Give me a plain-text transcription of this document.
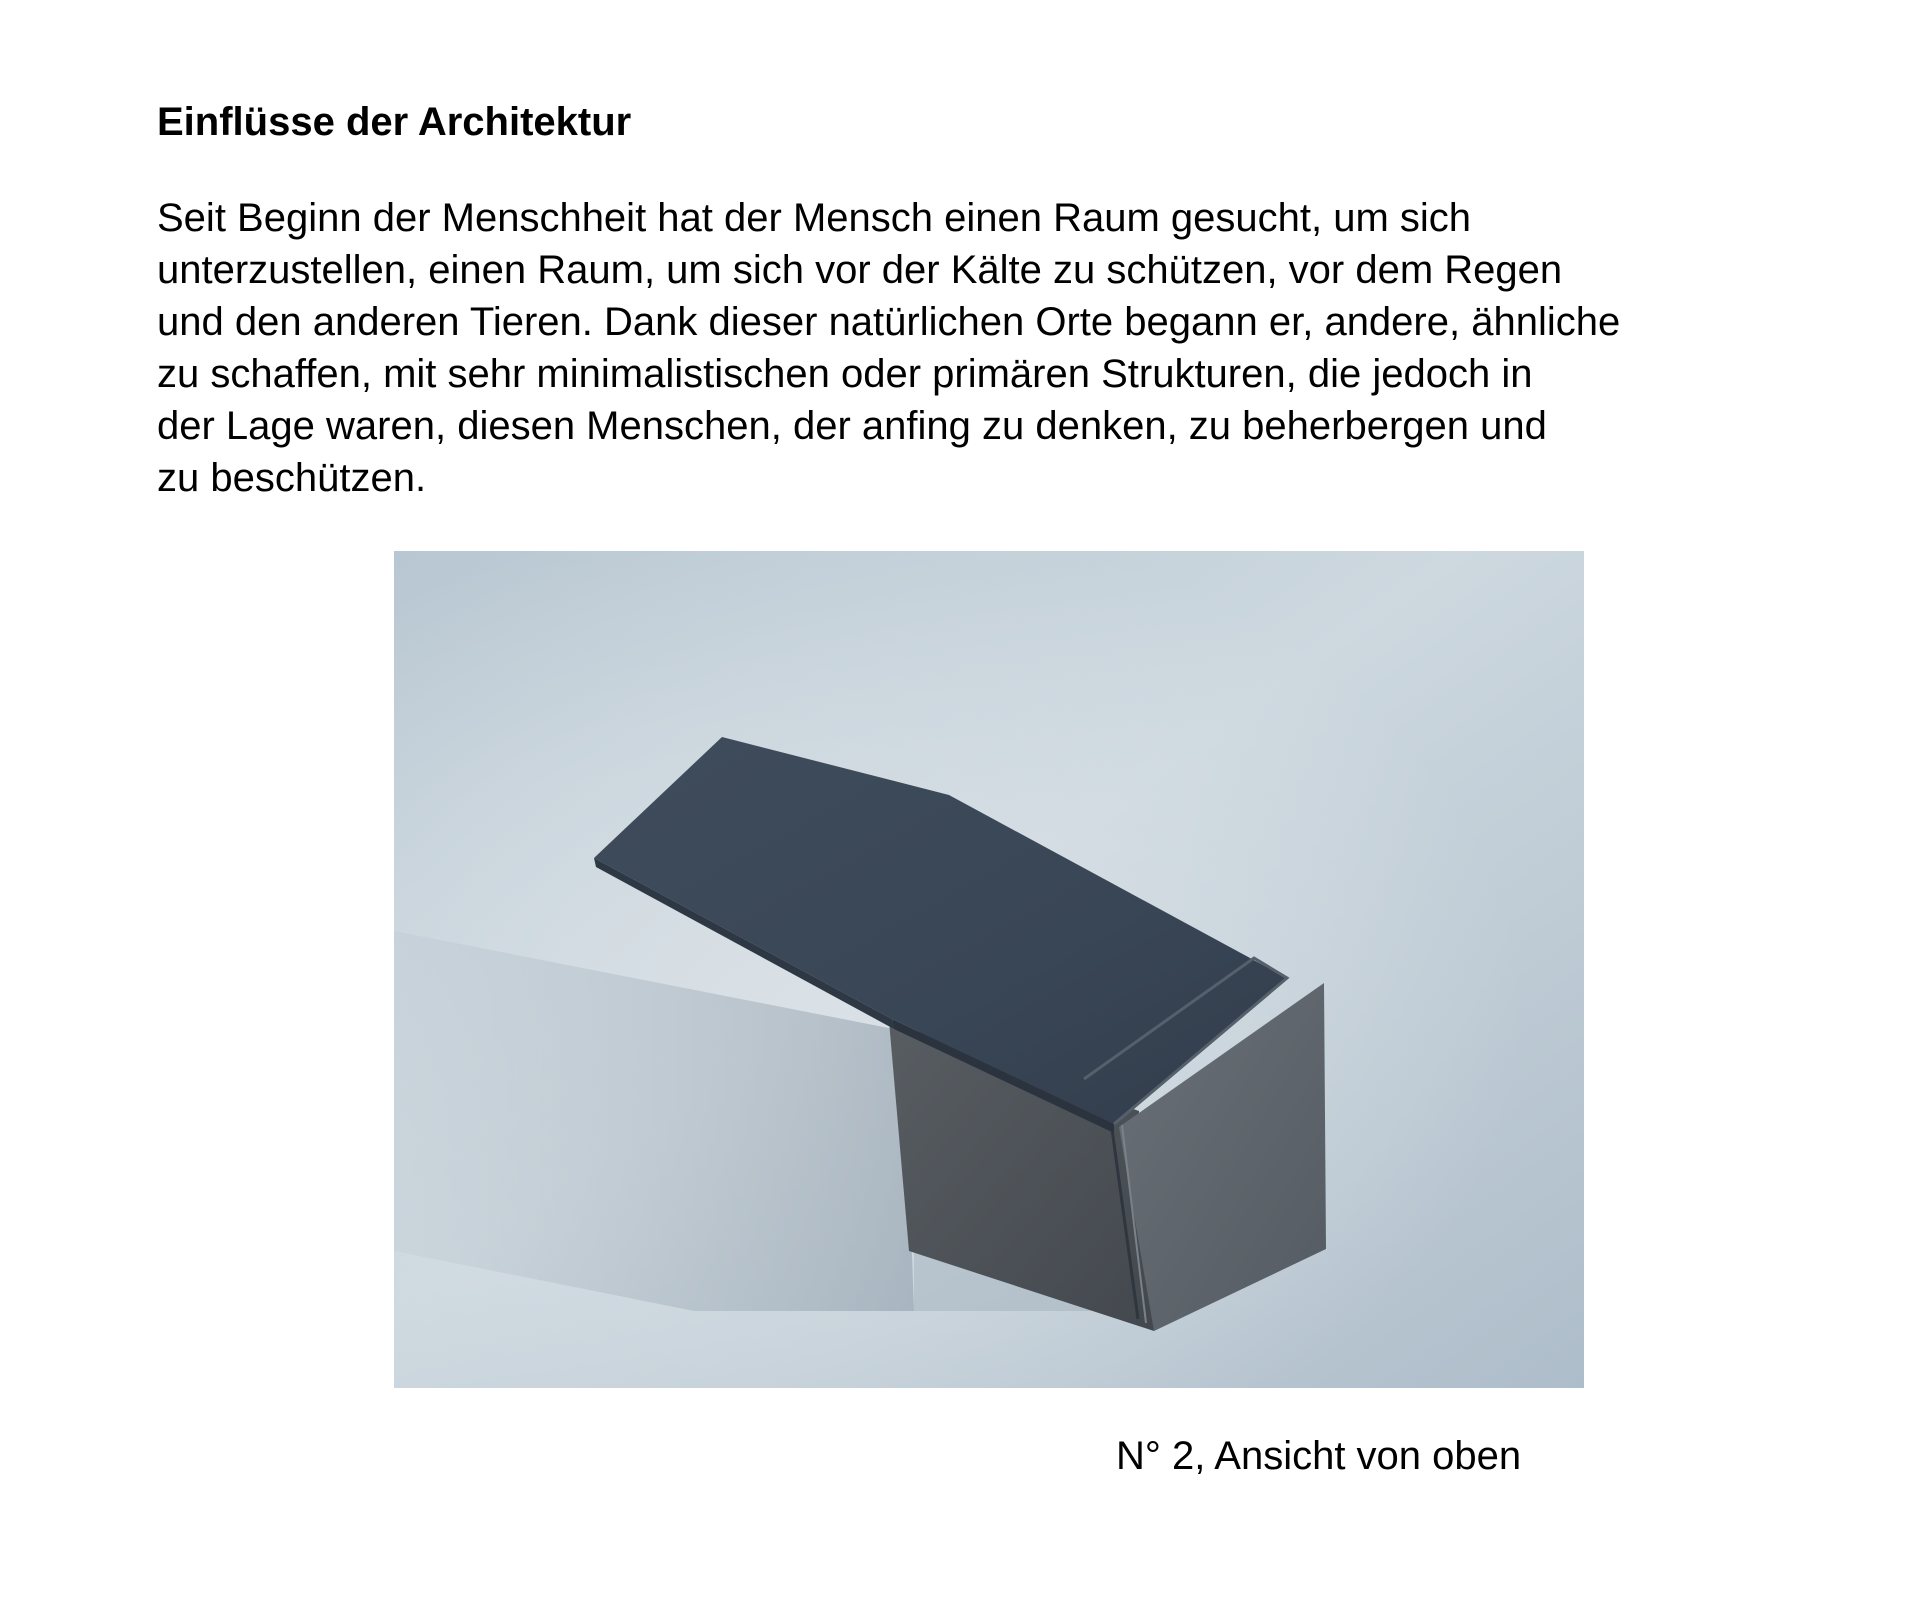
Einflüsse der Architektur

Seit Beginn der Menschheit hat der Mensch einen Raum gesucht, um sich
unterzustellen, einen Raum, um sich vor der Kälte zu schützen, vor dem Regen
und den anderen Tieren. Dank dieser natürlichen Orte begann er, andere, ähnliche
zu schaffen, mit sehr minimalistischen oder primären Strukturen, die jedoch in
der Lage waren, diesen Menschen, der anfing zu denken, zu beherbergen und
zu beschützen.

N° 2, Ansicht von oben
